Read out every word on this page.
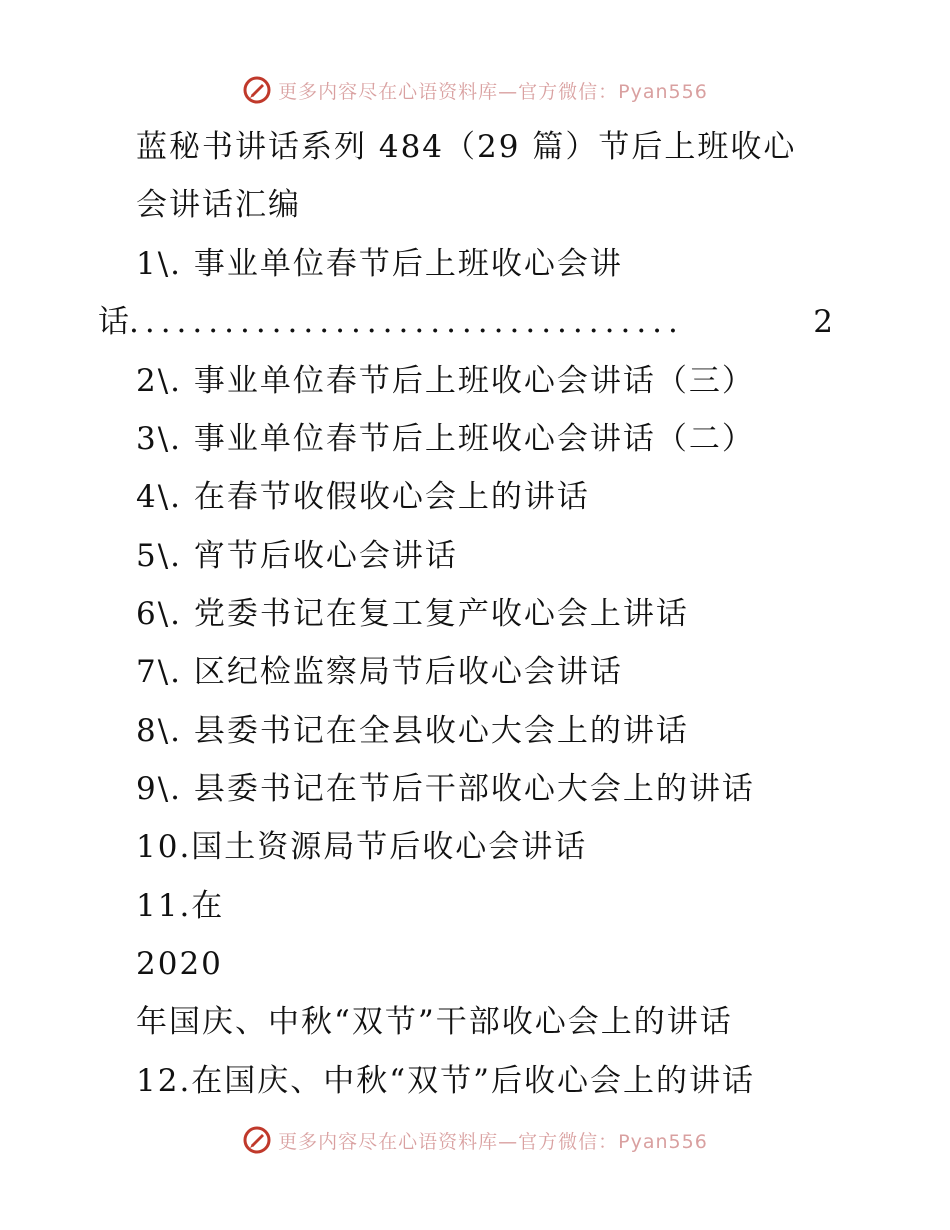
更多内容尽在心语资料库—官方微信：Pyan556
蓝秘书讲话系列 484（29 篇）节后上班收心
会讲话汇编
1\. 事业单位春节后上班收心会讲
话 ...................................	2
2\. 事业单位春节后上班收心会讲话（三）
3\. 事业单位春节后上班收心会讲话（二）
4\. 在春节收假收心会上的讲话
5\. 宵节后收心会讲话
6\. 党委书记在复工复产收心会上讲话
7\. 区纪检监察局节后收心会讲话
8\. 县委书记在全县收心大会上的讲话
9\. 县委书记在节后干部收心大会上的讲话
10.国土资源局节后收心会讲话
11.在
2020
年国庆、中秋“双节”干部收心会上的讲话
12.在国庆、中秋“双节”后收心会上的讲话
更多内容尽在心语资料库—官方微信：Pyan556
